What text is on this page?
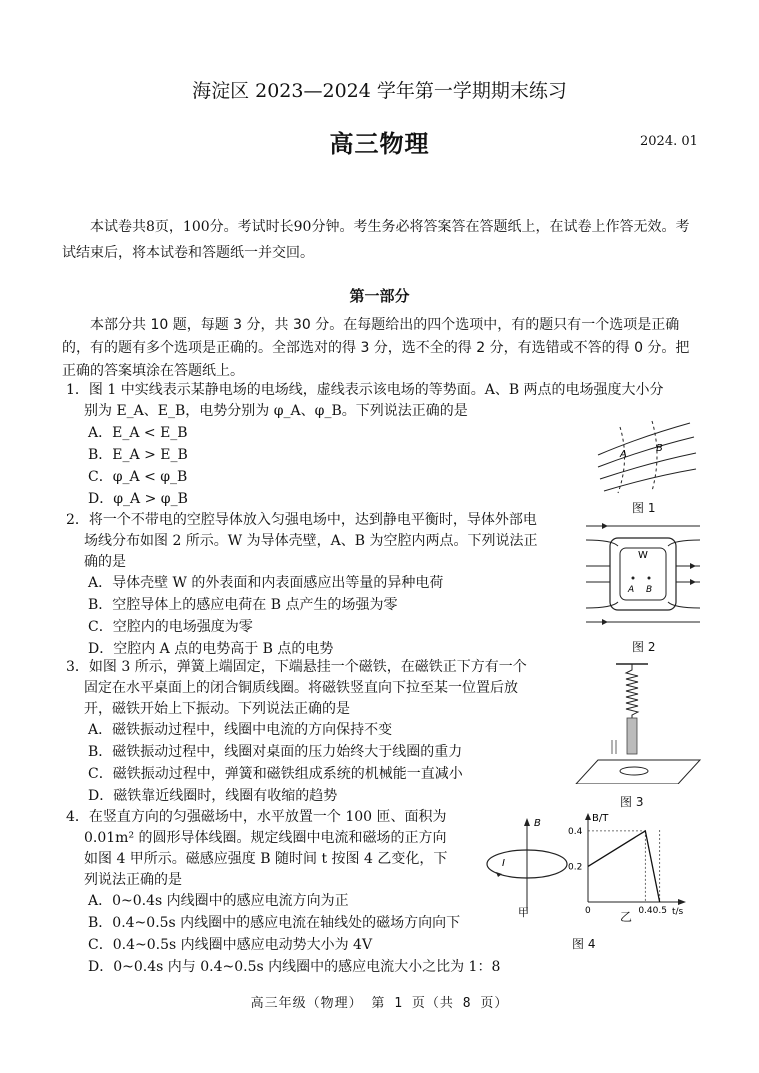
海淀区 2023—2024 学年第一学期期末练习
高三物理	2024. 01
本试卷共8页，100分。考试时长90分钟。考生务必将答案答在答题纸上，在试卷上作答无效。考试结束后，将本试卷和答题纸一并交回。
第一部分
本部分共 10 题，每题 3 分，共 30 分。在每题给出的四个选项中，有的题只有一个选项是正确的，有的题有多个选项是正确的。全部选对的得 3 分，选不全的得 2 分，有选错或不答的得 0 分。把正确的答案填涂在答题纸上。
1．图 1 中实线表示某静电场的电场线，虚线表示该电场的等势面。A、B 两点的电场强度大小分
别为 E_A、E_B，电势分别为 φ_A、φ_B。下列说法正确的是
A．E_A < E_B
B．E_A > E_B
C．φ_A < φ_B
D．φ_A > φ_B
A
B
图 1
2．将一个不带电的空腔导体放入匀强电场中，达到静电平衡时，导体外部电
场线分布如图 2 所示。W 为导体壳壁，A、B 为空腔内两点。下列说法正
确的是
A．导体壳壁 W 的外表面和内表面感应出等量的异种电荷
B．空腔导体上的感应电荷在 B 点产生的场强为零
C．空腔内的电场强度为零
D．空腔内 A 点的电势高于 B 点的电势
W
A B
图 2
3．如图 3 所示，弹簧上端固定，下端悬挂一个磁铁，在磁铁正下方有一个
固定在水平桌面上的闭合铜质线圈。将磁铁竖直向下拉至某一位置后放
开，磁铁开始上下振动。下列说法正确的是
A．磁铁振动过程中，线圈中电流的方向保持不变
B．磁铁振动过程中，线圈对桌面的压力始终大于线圈的重力
C．磁铁振动过程中，弹簧和磁铁组成系统的机械能一直减小
D．磁铁靠近线圈时，线圈有收缩的趋势	图 3
4．在竖直方向的匀强磁场中，水平放置一个 100 匝、面积为
0.01m² 的圆形导体线圈。规定线圈中电流和磁场的正方向
如图 4 甲所示。磁感应强度 B 随时间 t 按图 4 乙变化，下
列说法正确的是
A．0~0.4s 内线圈中的感应电流方向为正
B．0.4~0.5s 内线圈中的感应电流在轴线处的磁场方向向下
C．0.4~0.5s 内线圈中感应电动势大小为 4V
D．0~0.4s 内与 0.4~0.5s 内线圈中的感应电流大小之比为 1：8
B
I
甲
B/T
t/s
0.2
0.4
0	0.4 0.5
乙
图 4
高三年级（物理） 第 1 页（共 8 页）
